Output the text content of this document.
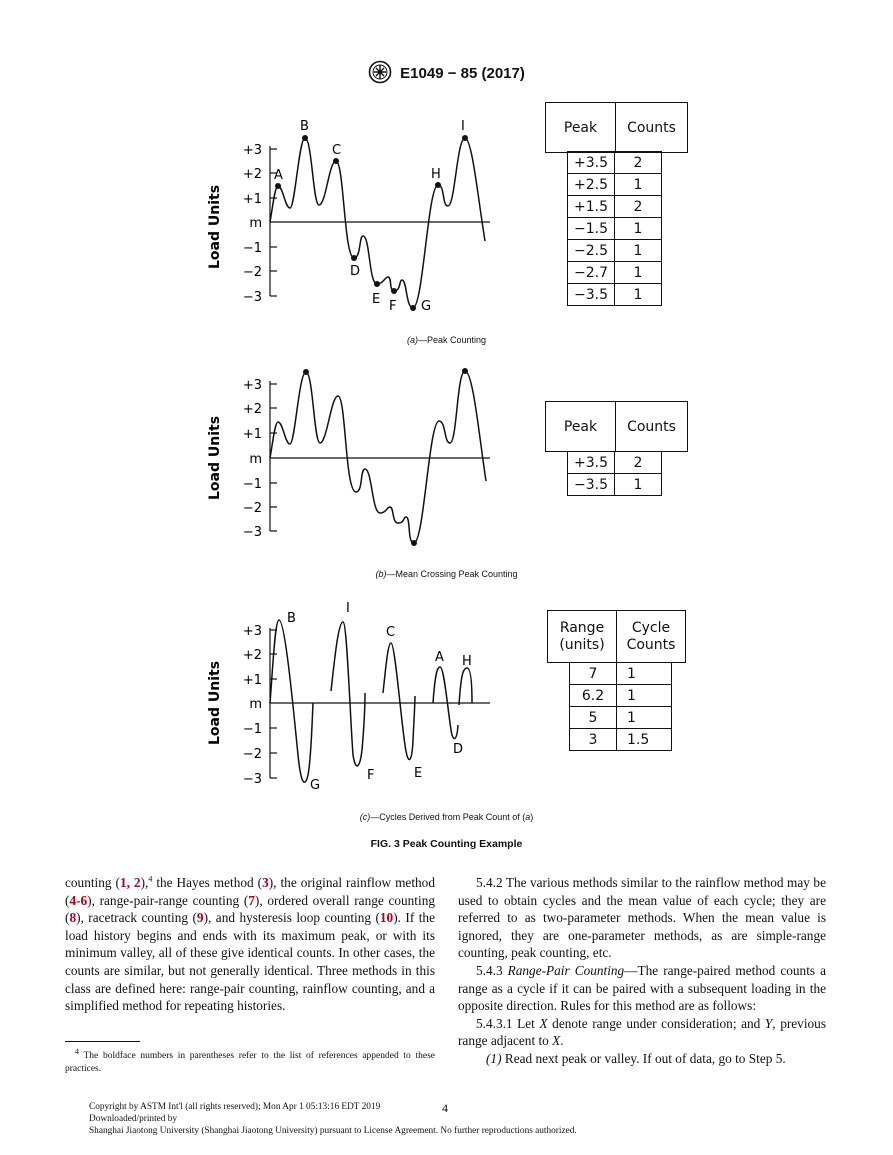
E1049 − 85 (2017)
Load Units
+3
+2
+1
m
−1
−2
−3
A
B
C
D
E F G
H
I	Peak	Counts
+3.5	2
+2.5	1
+1.5	2
−1.5	1
−2.5	1
−2.7	1
−3.5	1
(a)—Peak Counting
Load Units
+3
+2
+1
m
−1
−2
−3
Peak	Counts
+3.5	2
−3.5	1
(b)—Mean Crossing Peak Counting
Load Units
+3
+2
+1
m
−1
−2
−3
B
I
C
A H
D
E
F
G
Range (units)	Cycle Counts
7	1
6.2	1
5	1
3	1.5
(c)—Cycles Derived from Peak Count of (a)
FIG. 3 Peak Counting Example

counting (1, 2),$^4$ the Hayes method (3), the original rainflow method (4-6), range-pair-range counting (7), ordered overall range counting (8), racetrack counting (9), and hysteresis loop counting (10). If the load history begins and ends with its maximum peak, or with its minimum valley, all of these give identical counts. In other cases, the counts are similar, but not generally identical. Three methods in this class are defined here: range-pair counting, rainflow counting, and a simplified method for repeating histories.

5.4.2 The various methods similar to the rainflow method may be used to obtain cycles and the mean value of each cycle; they are referred to as two-parameter methods. When the mean value is ignored, they are one-parameter methods, as are simple-range counting, peak counting, etc.

5.4.3 Range-Pair Counting—The range-paired method counts a range as a cycle if it can be paired with a subsequent loading in the opposite direction. Rules for this method are as follows:

5.4.3.1 Let X denote range under consideration; and Y, previous range adjacent to X.

(1) Read next peak or valley. If out of data, go to Step 5.

$^4$ The boldface numbers in parentheses refer to the list of references appended to these practices.
Copyright by ASTM Int'l (all rights reserved); Mon Apr 1 05:13:16 EDT 2019	4
Downloaded/printed by
Shanghai Jiaotong University (Shanghai Jiaotong University) pursuant to License Agreement. No further reproductions authorized.
